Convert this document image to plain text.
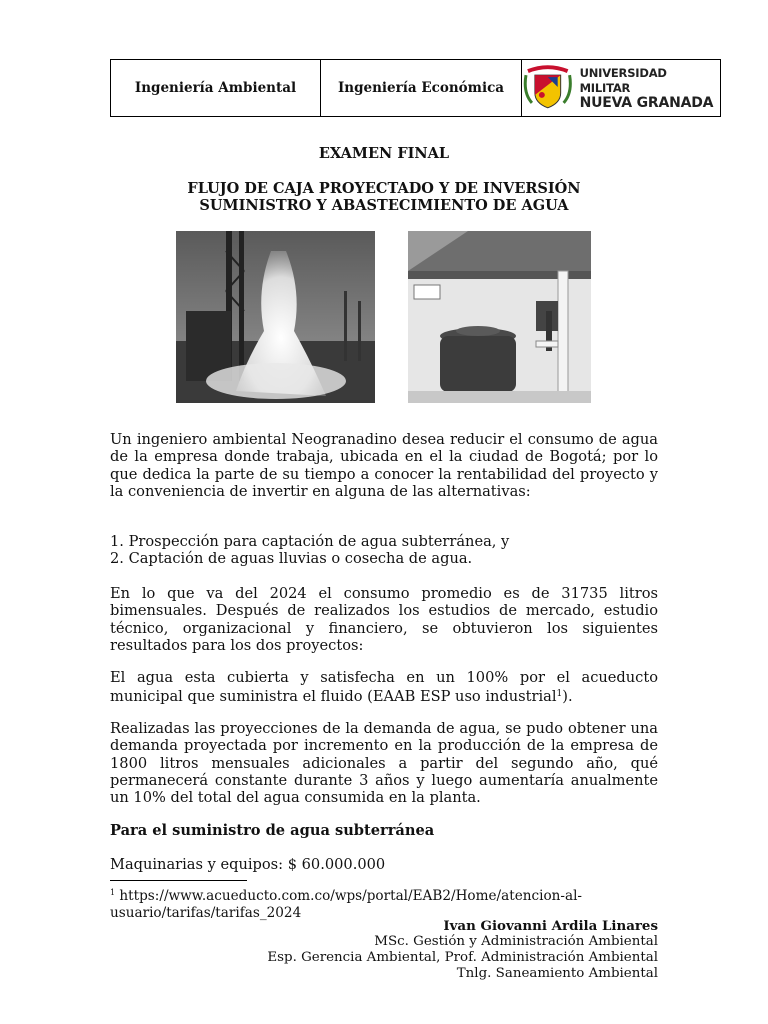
Ingeniería Ambiental	Ingeniería Económica
UNIVERSIDAD MILITAR
NUEVA GRANADA
EXAMEN FINAL
FLUJO DE CAJA PROYECTADO Y DE INVERSIÓN
SUMINISTRO Y ABASTECIMIENTO DE AGUA
Un ingeniero ambiental Neogranadino desea reducir el consumo de agua de la empresa donde trabaja, ubicada en el la ciudad de Bogotá; por lo que dedica la parte de su tiempo a conocer la rentabilidad del proyecto y la conveniencia de invertir en alguna de las alternativas:
1. Prospección para captación de agua subterránea, y
2. Captación de aguas lluvias o cosecha de agua.
En lo que va del 2024 el consumo promedio es de 31735 litros bimensuales. Después de realizados los estudios de mercado, estudio técnico, organizacional y financiero, se obtuvieron los siguientes resultados para los dos proyectos:
El agua esta cubierta y satisfecha en un 100% por el acueducto municipal que suministra el fluido (EAAB ESP uso industrial$^1$).
Realizadas las proyecciones de la demanda de agua, se pudo obtener una demanda proyectada por incremento en la producción de la empresa de 1800 litros mensuales adicionales a partir del segundo año, qué permanecerá constante durante 3 años y luego aumentaría anualmente un 10% del total del agua consumida en la planta.
Para el suministro de agua subterránea
Maquinarias y equipos: $ 60.000.000
$^1$ https://www.acueducto.com.co/wps/portal/EAB2/Home/atencion-al-
usuario/tarifas/tarifas_2024
Ivan Giovanni Ardila Linares
MSc. Gestión y Administración Ambiental
Esp. Gerencia Ambiental, Prof. Administración Ambiental
Tnlg. Saneamiento Ambiental
